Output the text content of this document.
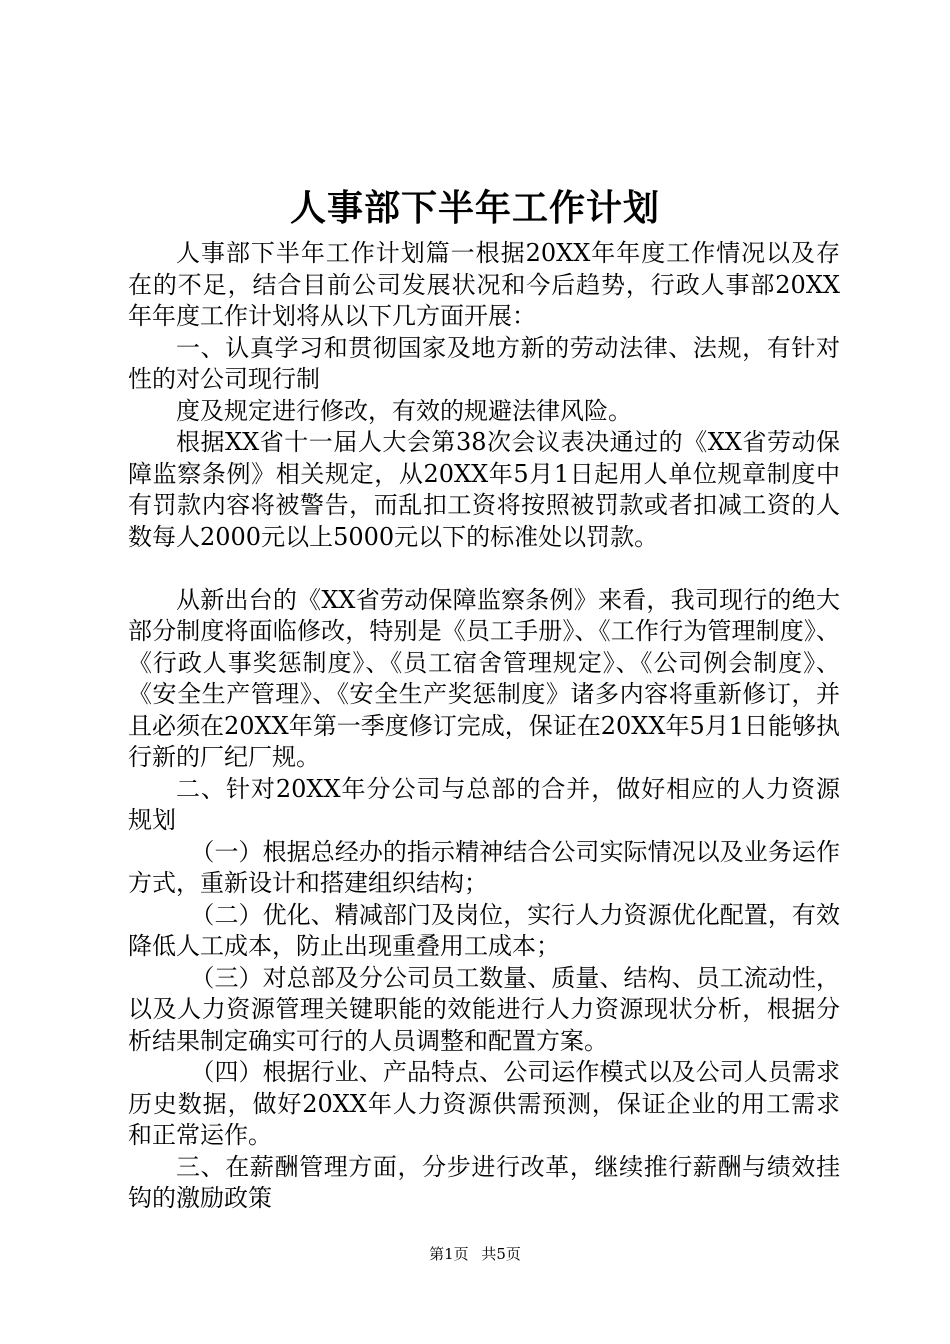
人事部下半年工作计划

人事部下半年工作计划篇一根据20XX年年度工作情况以及存在的不足，结合目前公司发展状况和今后趋势，行政人事部20XX年年度工作计划将从以下几方面开展：

一、认真学习和贯彻国家及地方新的劳动法律、法规，有针对性的对公司现行制

度及规定进行修改，有效的规避法律风险。

根据XX省十一届人大会第38次会议表决通过的《XX省劳动保障监察条例》相关规定，从20XX年5月1日起用人单位规章制度中有罚款内容将被警告，而乱扣工资将按照被罚款或者扣减工资的人数每人2000元以上5000元以下的标准处以罚款。

从新出台的《XX省劳动保障监察条例》来看，我司现行的绝大部分制度将面临修改，特别是《员工手册》、《工作行为管理制度》、《行政人事奖惩制度》、《员工宿舍管理规定》、《公司例会制度》、《安全生产管理》、《安全生产奖惩制度》诸多内容将重新修订，并且必须在20XX年第一季度修订完成，保证在20XX年5月1日能够执行新的厂纪厂规。

二、针对20XX年分公司与总部的合并，做好相应的人力资源规划

（一）根据总经办的指示精神结合公司实际情况以及业务运作方式，重新设计和搭建组织结构；

（二）优化、精减部门及岗位，实行人力资源优化配置，有效降低人工成本，防止出现重叠用工成本；

（三）对总部及分公司员工数量、质量、结构、员工流动性，以及人力资源管理关键职能的效能进行人力资源现状分析，根据分析结果制定确实可行的人员调整和配置方案。

（四）根据行业、产品特点、公司运作模式以及公司人员需求历史数据，做好20XX年人力资源供需预测，保证企业的用工需求和正常运作。

三、在薪酬管理方面，分步进行改革，继续推行薪酬与绩效挂钩的激励政策

第1页 共5页
